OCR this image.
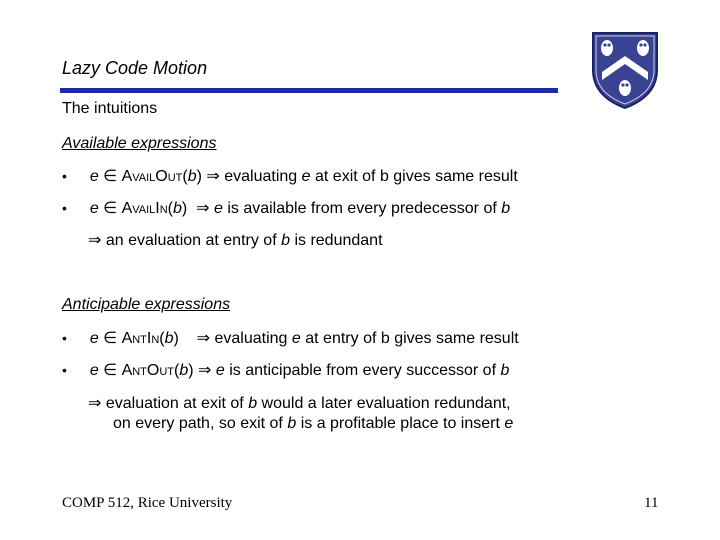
Lazy Code Motion
The intuitions
Available expressions
• e ∈ AvailOut(b) ⇒ evaluating e at exit of b gives same result
• e ∈ AvailIn(b)  ⇒ e is available from every predecessor of b
⇒ an evaluation at entry of b is redundant
Anticipable expressions
• e ∈ AntIn(b)    ⇒ evaluating e at entry of b gives same result
• e ∈ AntOut(b) ⇒ e is anticipable from every successor of b
⇒ evaluation at exit of b would a later evaluation redundant,
on every path, so exit of b is a profitable place to insert e
COMP 512, Rice University	11
